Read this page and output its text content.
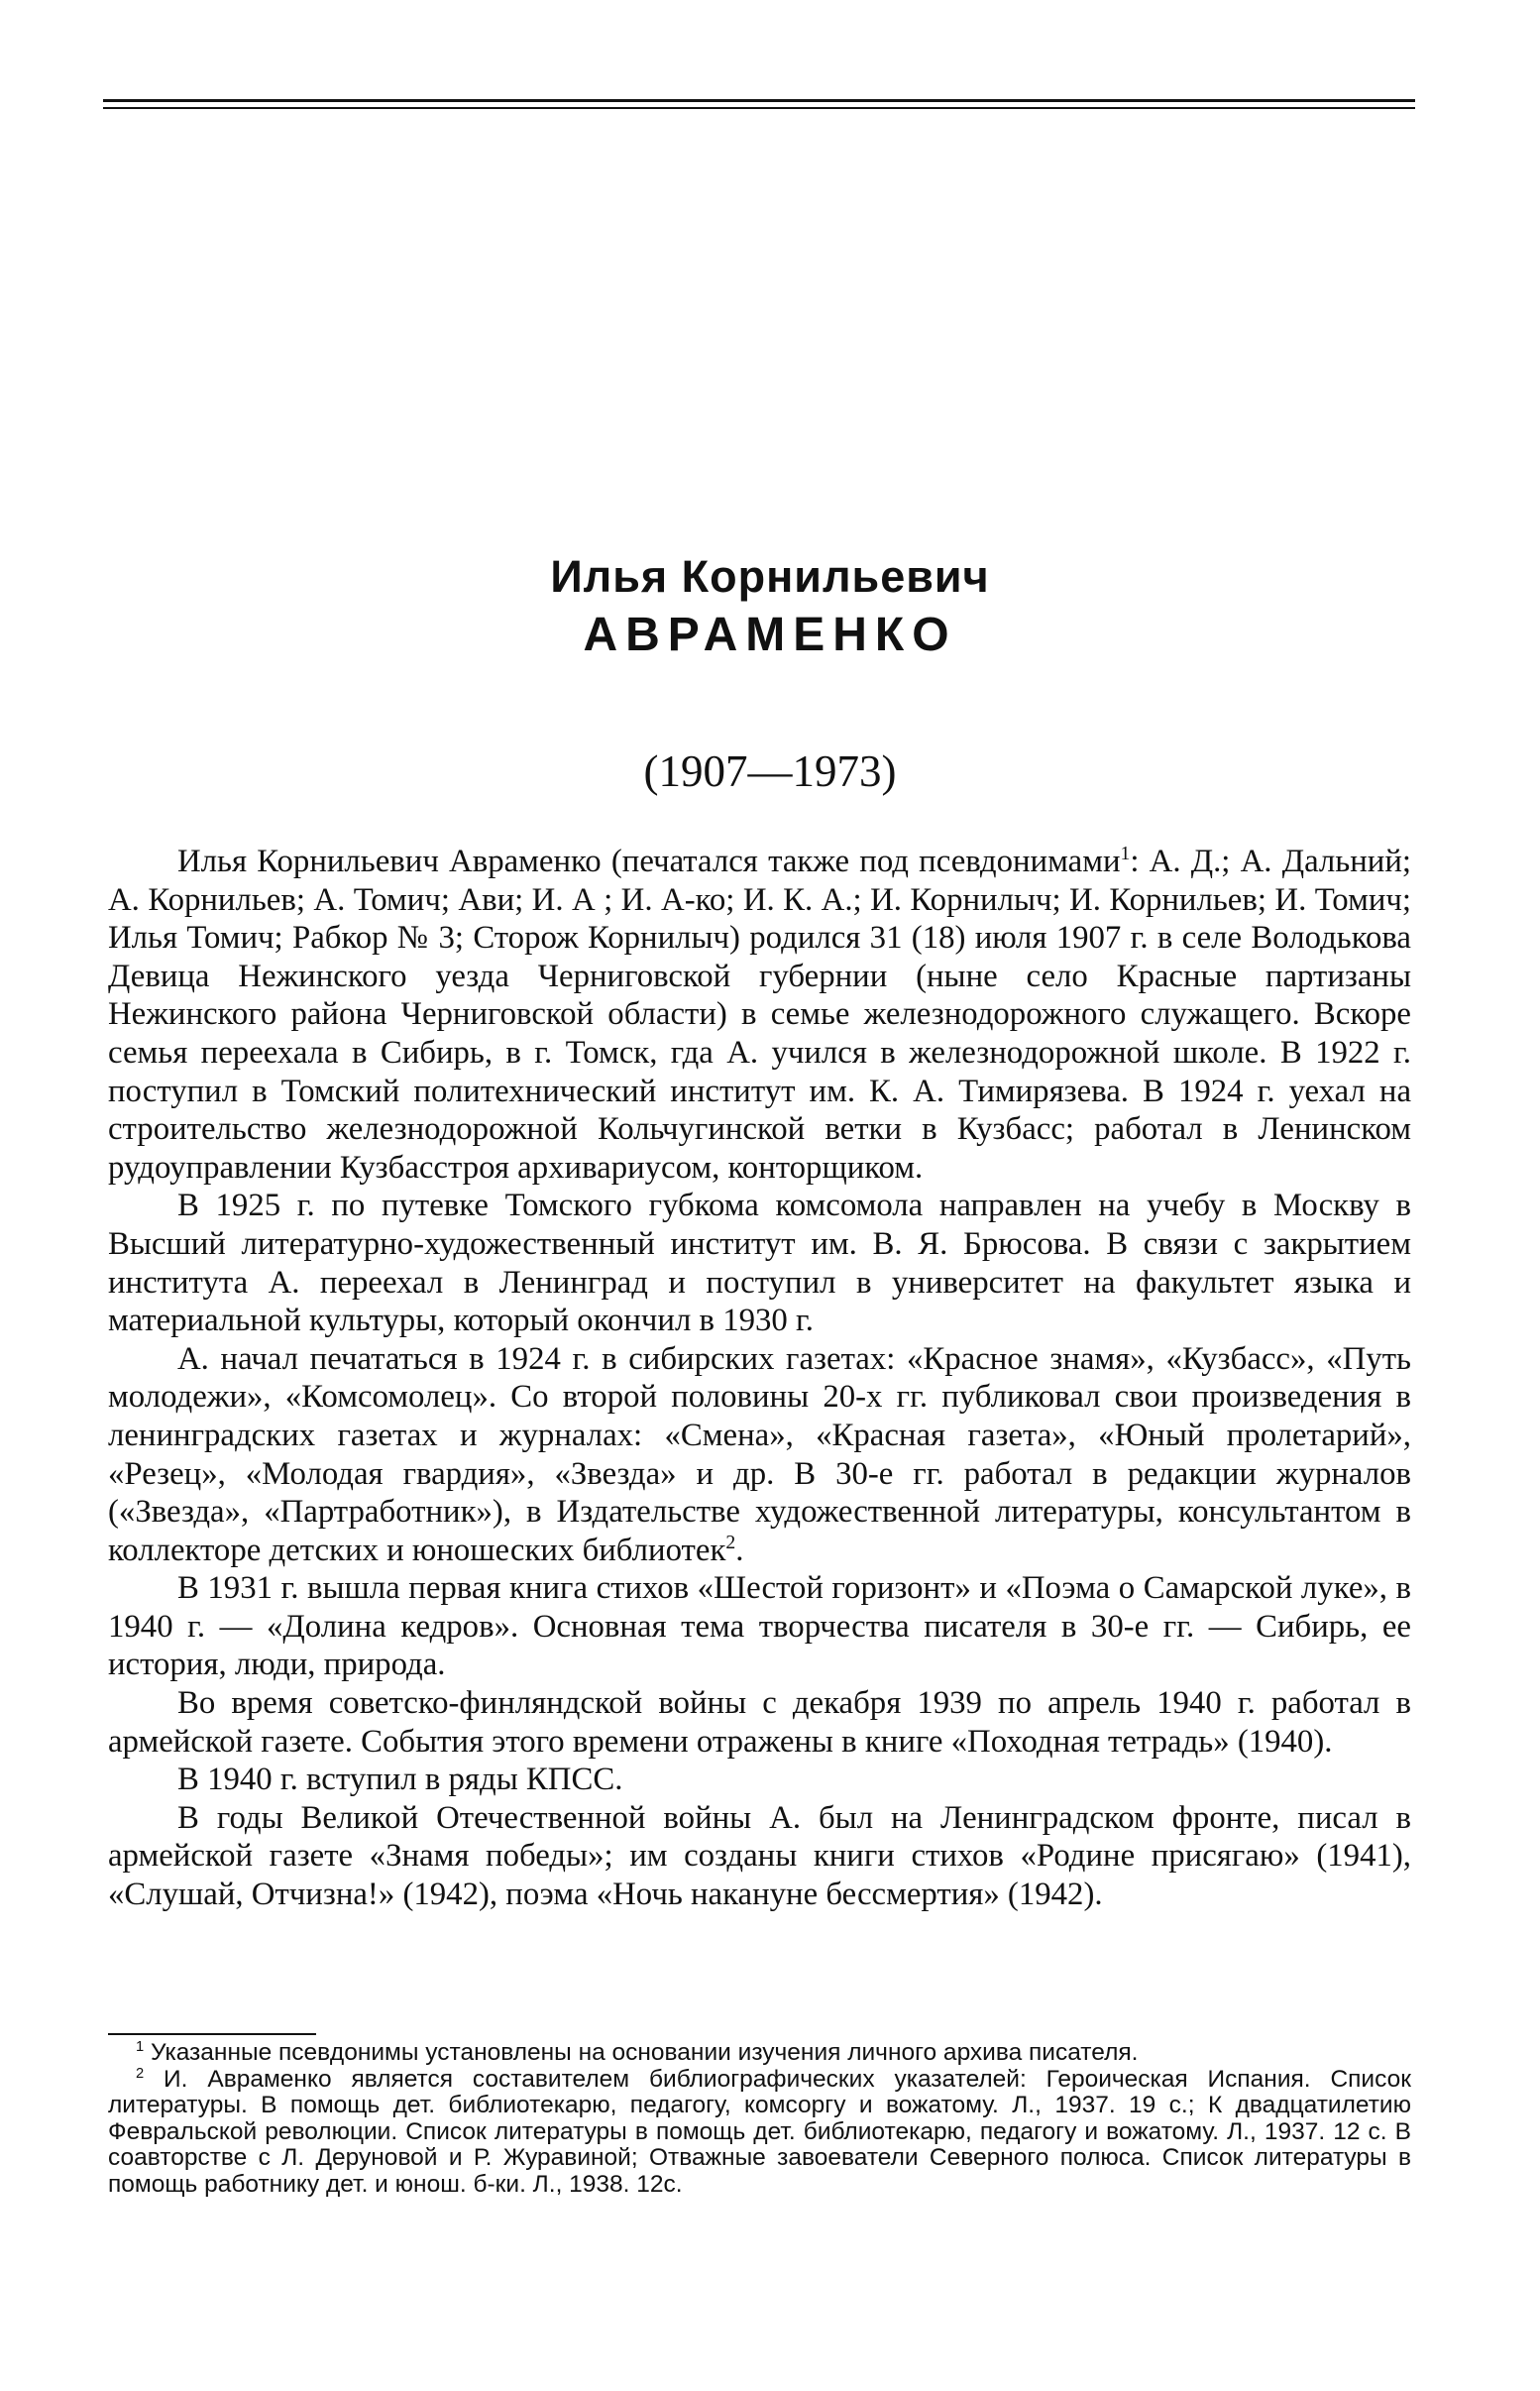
Илья Корнильевич
АВРАМЕНКО
(1907—1973)

Илья Корнильевич Авраменко (печатался также под псевдонимами$^1$: А. Д.; А. Дальний; А. Корнильев; А. Томич; Ави; И. А ; И. А-ко; И. К. А.; И. Корнилыч; И. Корнильев; И. Томич; Илья Томич; Рабкор № 3; Сторож Корнилыч) родился 31 (18) июля 1907 г. в селе Володькова Девица Нежинского уезда Черниговской губернии (ныне село Красные партизаны Нежинского района Черниговской области) в семье железнодорожного служащего. Вскоре семья переехала в Сибирь, в г. Томск, гда А. учился в железнодорожной школе. В 1922 г. поступил в Томский политехнический институт им. К. А. Тимирязева. В 1924 г. уехал на строительство железнодорожной Кольчугинской ветки в Кузбасс; работал в Ленинском рудоуправлении Кузбасстроя архивариусом, конторщиком.

В 1925 г. по путевке Томского губкома комсомола направлен на учебу в Москву в Высший литературно-художественный институт им. В. Я. Брюсова. В связи с закрытием института А. переехал в Ленинград и поступил в университет на факультет языка и материальной культуры, который окончил в 1930 г.

А. начал печататься в 1924 г. в сибирских газетах: «Красное знамя», «Кузбасс», «Путь молодежи», «Комсомолец». Со второй половины 20-х гг. публиковал свои произведения в ленинградских газетах и журналах: «Смена», «Красная газета», «Юный пролетарий», «Резец», «Молодая гвардия», «Звезда» и др. В 30-е гг. работал в редакции журналов («Звезда», «Партработник»), в Издательстве художественной литературы, консультантом в коллекторе детских и юношеских библиотек$^2$.

В 1931 г. вышла первая книга стихов «Шестой горизонт» и «Поэма о Самарской луке», в 1940 г. — «Долина кедров». Основная тема творчества писателя в 30-е гг. — Сибирь, ее история, люди, природа.

Во время советско-финляндской войны с декабря 1939 по апрель 1940 г. работал в армейской газете. События этого времени отражены в книге «Походная тетрадь» (1940).

В 1940 г. вступил в ряды КПСС.

В годы Великой Отечественной войны А. был на Ленинградском фронте, писал в армейской газете «Знамя победы»; им созданы книги стихов «Родине присягаю» (1941), «Слушай, Отчизна!» (1942), поэма «Ночь накануне бессмертия» (1942).

$^1$ Указанные псевдонимы установлены на основании изучения личного архива писателя.

$^2$ И. Авраменко является составителем библиографических указателей: Героическая Испания. Список литературы. В помощь дет. библиотекарю, педагогу, комсоргу и вожатому. Л., 1937. 19 с.; К двадцатилетию Февральской революции. Список литературы в помощь дет. библиотекарю, педагогу и вожатому. Л., 1937. 12 с. В соавторстве с Л. Деруновой и Р. Журавиной; Отважные завоеватели Северного полюса. Список литературы в помощь работнику дет. и юнош. б-ки. Л., 1938. 12с.
